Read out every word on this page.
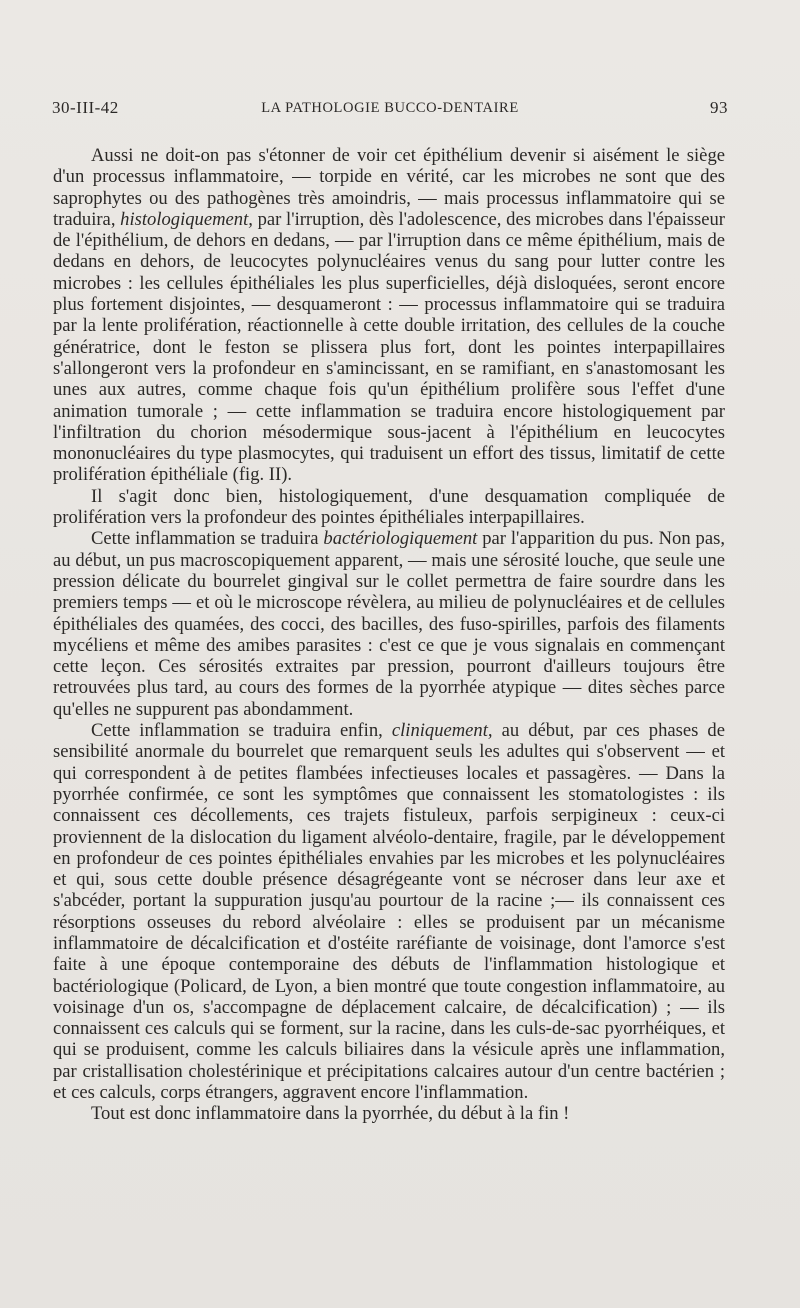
30-III-42	LA PATHOLOGIE BUCCO-DENTAIRE	93

Aussi ne doit-on pas s'étonner de voir cet épithélium devenir si aisément le siège d'un processus inflammatoire, — torpide en vérité, car les microbes ne sont que des saprophytes ou des pathogènes très amoindris, — mais processus inflammatoire qui se traduira, histologiquement, par l'irruption, dès l'adolescence, des microbes dans l'épaisseur de l'épithélium, de dehors en dedans, — par l'irruption dans ce même épithélium, mais de dedans en dehors, de leucocytes polynucléaires venus du sang pour lutter contre les microbes : les cellules épithéliales les plus superficielles, déjà disloquées, seront encore plus fortement disjointes, — desquameront : — processus inflammatoire qui se traduira par la lente prolifération, réactionnelle à cette double irritation, des cellules de la couche génératrice, dont le feston se plissera plus fort, dont les pointes interpapillaires s'allongeront vers la profondeur en s'amincissant, en se ramifiant, en s'anastomosant les unes aux autres, comme chaque fois qu'un épithélium prolifère sous l'effet d'une animation tumorale ; — cette inflammation se traduira encore histologiquement par l'infiltration du chorion mésodermique sous-jacent à l'épithélium en leucocytes mononucléaires du type plasmocytes, qui traduisent un effort des tissus, limitatif de cette prolifération épithéliale (fig. II).

Il s'agit donc bien, histologiquement, d'une desquamation compliquée de prolifération vers la profondeur des pointes épithéliales interpapillaires.

Cette inflammation se traduira bactériologiquement par l'apparition du pus. Non pas, au début, un pus macroscopiquement apparent, — mais une sérosité louche, que seule une pression délicate du bourrelet gingival sur le collet permettra de faire sourdre dans les premiers temps — et où le microscope révèlera, au milieu de polynucléaires et de cellules épithéliales des quamées, des cocci, des bacilles, des fuso-spirilles, parfois des filaments mycéliens et même des amibes parasites : c'est ce que je vous signalais en commençant cette leçon. Ces sérosités extraites par pression, pourront d'ailleurs toujours être retrouvées plus tard, au cours des formes de la pyorrhée atypique — dites sèches parce qu'elles ne suppurent pas abondamment.

Cette inflammation se traduira enfin, cliniquement, au début, par ces phases de sensibilité anormale du bourrelet que remarquent seuls les adultes qui s'observent — et qui correspondent à de petites flambées infectieuses locales et passagères. — Dans la pyorrhée confirmée, ce sont les symptômes que connaissent les stomatologistes : ils connaissent ces décollements, ces trajets fistuleux, parfois serpigineux : ceux-ci proviennent de la dislocation du ligament alvéolo-dentaire, fragile, par le développement en profondeur de ces pointes épithéliales envahies par les microbes et les polynucléaires et qui, sous cette double présence désagrégeante vont se nécroser dans leur axe et s'abcéder, portant la suppuration jusqu'au pourtour de la racine ;— ils connaissent ces résorptions osseuses du rebord alvéolaire : elles se produisent par un mécanisme inflammatoire de décalcification et d'ostéite raréfiante de voisinage, dont l'amorce s'est faite à une époque contemporaine des débuts de l'inflammation histologique et bactériologique (Policard, de Lyon, a bien montré que toute congestion inflammatoire, au voisinage d'un os, s'accompagne de déplacement calcaire, de décalcification) ; — ils connaissent ces calculs qui se forment, sur la racine, dans les culs-de-sac pyorrhéiques, et qui se produisent, comme les calculs biliaires dans la vésicule après une inflammation, par cristallisation cholestérinique et précipitations calcaires autour d'un centre bactérien ; et ces calculs, corps étrangers, aggravent encore l'inflammation.

Tout est donc inflammatoire dans la pyorrhée, du début à la fin !
